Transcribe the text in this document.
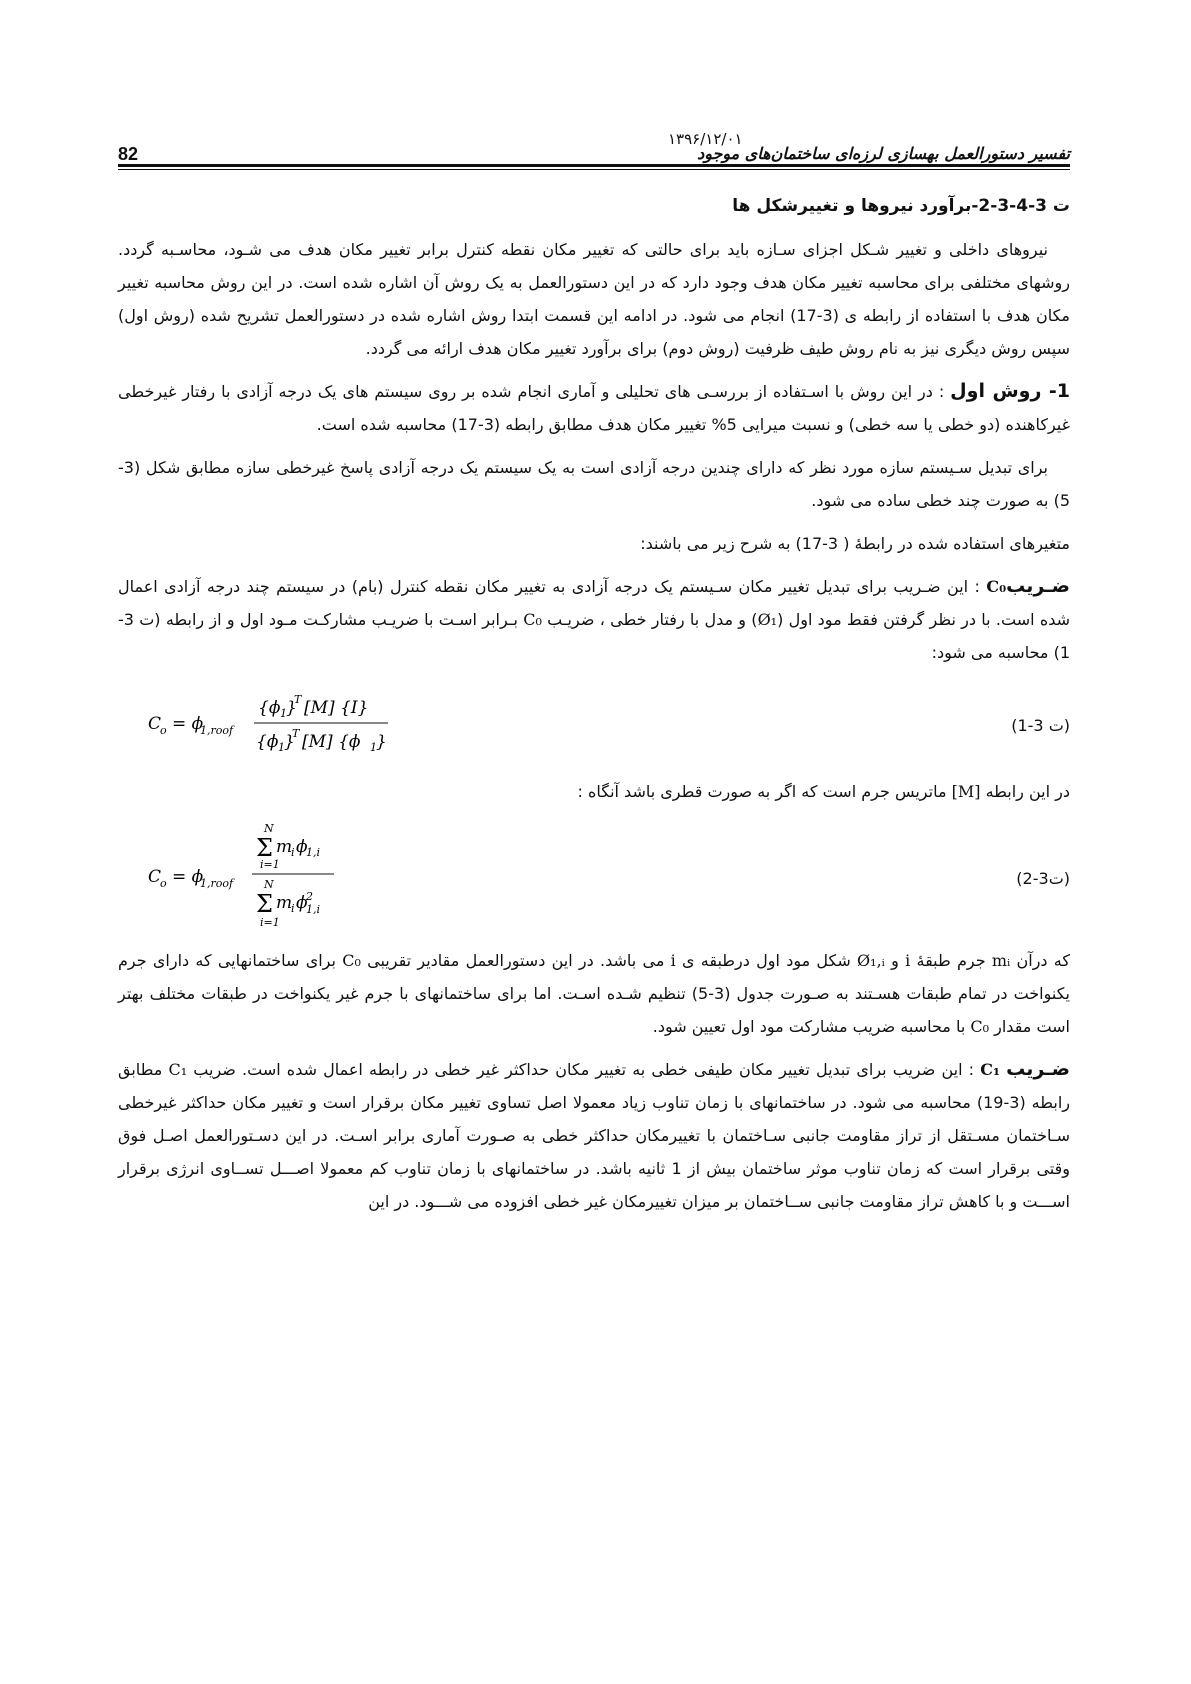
82
۱۳۹۶/۱۲/۰۱
تفسیر دستورالعمل بهسازی لرزه‌ای ساختمان‌های موجود
ت 3-4-3-2-برآورد نیروها و تغییرشکل ها

نیروهای داخلی و تغییر شـکل اجزای سـازه باید برای حالتی که تغییر مکان نقطه کنترل برابر تغییر مکان هدف می شـود، محاسـبه گردد. روشهای مختلفی برای محاسبه تغییر مکان هدف وجود دارد که در این دستورالعمل به یک روش آن اشاره شده است. در این روش محاسبه تغییر مکان هدف با استفاده از رابطه ی (3-17) انجام می شود. در ادامه این قسمت ابتدا روش اشاره شده در دستورالعمل تشریح شده (روش اول) سپس روش دیگری نیز به نام روش طیف ظرفیت (روش دوم) برای برآورد تغییر مکان هدف ارائه می گردد.

1- روش اول : در این روش با اسـتفاده از بررسـی های تحلیلی و آماری انجام شده بر روی سیستم های یک درجه آزادی با رفتار غیرخطی غیرکاهنده (دو خطی یا سه خطی) و نسبت میرایی 5% تغییر مکان هدف مطابق رابطه (3-17) محاسبه شده است.

برای تبدیل سـیستم سازه مورد نظر که دارای چندین درجه آزادی است به یک سیستم یک درجه آزادی پاسخ غیرخطی سازه مطابق شکل (3-5) به صورت چند خطی ساده می شود.

متغیرهای استفاده شده در رابطهٔ ( 3-17) به شرح زیر می باشند:

ضـریبC₀ : این ضـریب برای تبدیل تغییر مکان سـیستم یک درجه آزادی به تغییر مکان نقطه کنترل (بام) در سیستم چند درجه آزادی اعمال شده است. با در نظر گرفتن فقط مود اول (Ø₁) و مدل با رفتار خطی ، ضریـب C₀ بـرابر اسـت با ضریـب مشارکـت مـود اول و از رابطه (ت 3-1) محاسبه می شود:

C
o = ϕ
1,roof
{ϕ 1 }
T [M] {I}
{ϕ 1 }
T [M] {ϕ 1 }
(ت 3-1)

در این رابطه [M] ماتریس جرم است که اگر به صورت قطری باشد آنگاه :

C
o = ϕ
1,roof
N
Σ
i=1
m
i ϕ
1,i
N
Σ
i=1
m
i ϕ
2
1,i
(ت3-2)

که درآن mᵢ جرم طبقهٔ i و Ø₁,ᵢ شکل مود اول درطبقه ی i می باشد. در این دستورالعمل مقادیر تقریبی C₀ برای ساختمانهایی که دارای جرم یکنواخت در تمام طبقات هسـتند به صـورت جدول (3-5) تنظیم شـده اسـت. اما برای ساختمانهای با جرم غیر یکنواخت در طبقات مختلف بهتر است مقدار C₀ با محاسبه ضریب مشارکت مود اول تعیین شود.

ضـریب C₁ : این ضریب برای تبدیل تغییر مکان طیفی خطی به تغییر مکان حداکثر غیر خطی در رابطه اعمال شده است. ضریب C₁ مطابق رابطه (3-19) محاسبه می شود. در ساختمانهای با زمان تناوب زیاد معمولا اصل تساوی تغییر مکان برقرار است و تغییر مکان حداکثر غیرخطی سـاختمان مسـتقل از تراز مقاومت جانبی سـاختمان با تغییرمکان حداکثر خطی به صـورت آماری برابر اسـت. در این دسـتورالعمل اصـل فوق وقتی برقرار است که زمان تناوب موثر ساختمان بیش از 1 ثانیه باشد. در ساختمانهای با زمان تناوب کم معمولا اصـــل تســاوی انرژی برقرار اســـت و با کاهش تراز مقاومت جانبی ســاختمان بر میزان تغییرمکان غیر خطی افزوده می شـــود. در این
